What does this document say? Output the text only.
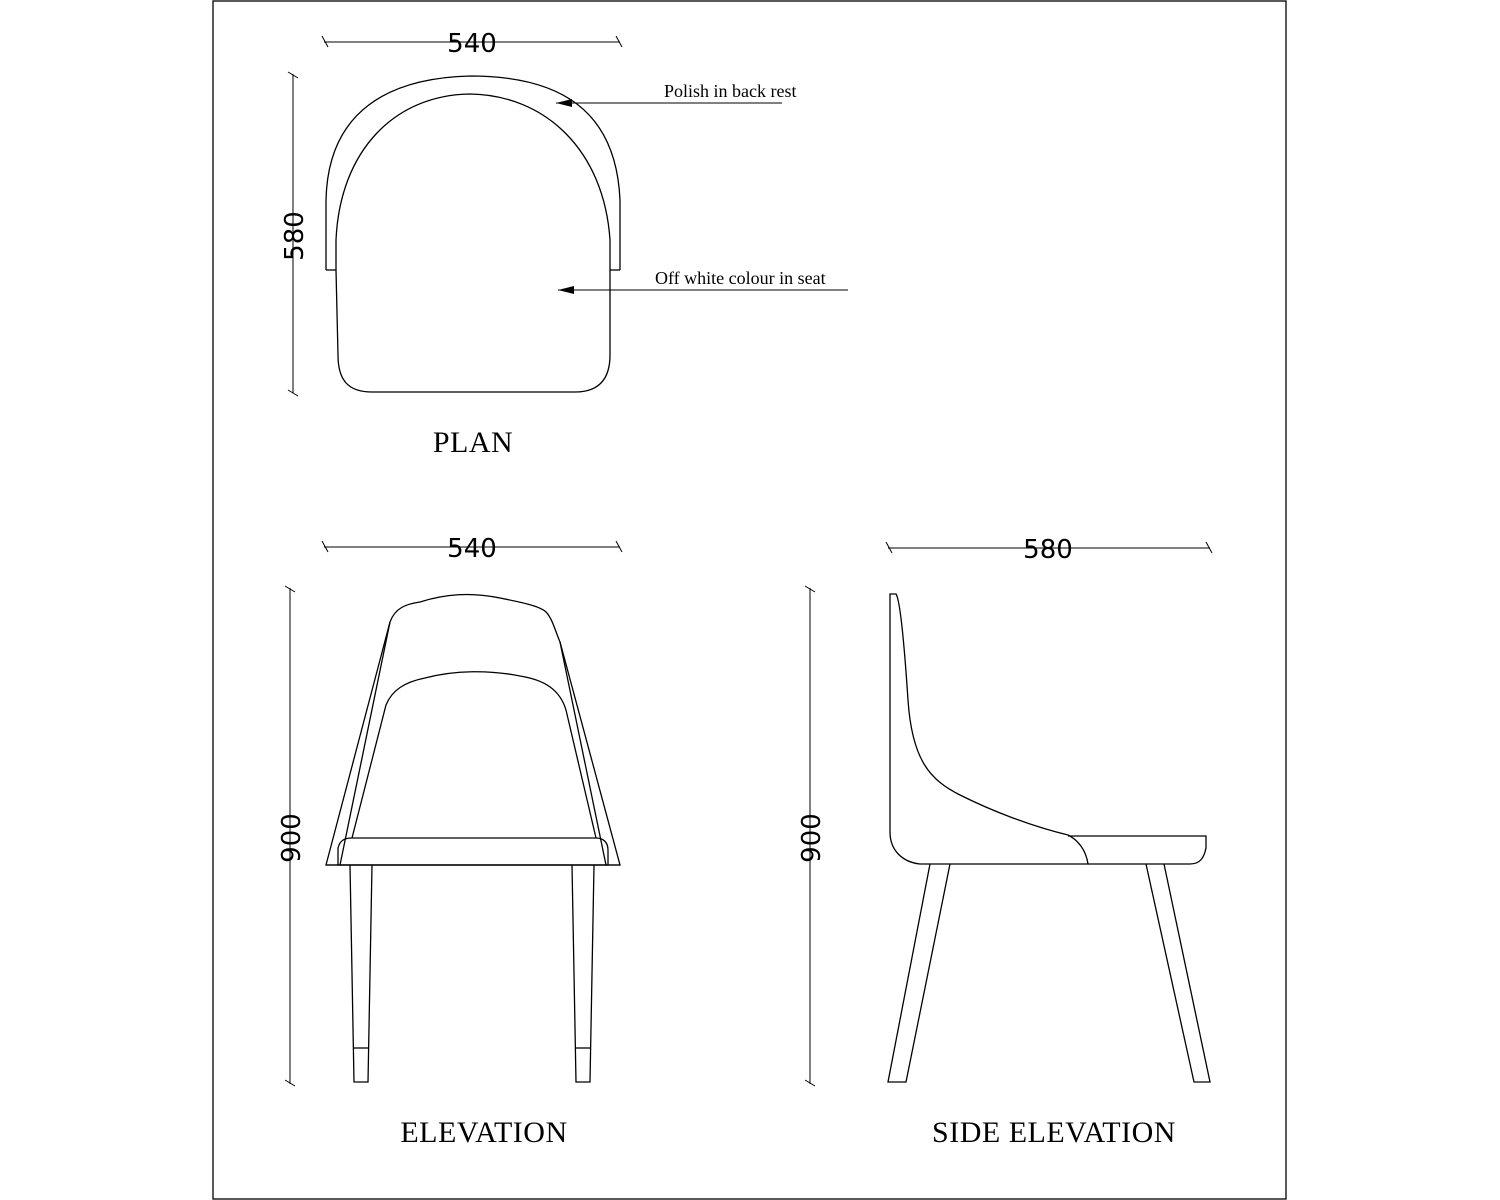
540
580
Polish in back rest
Off white colour in seat
PLAN
540
900
ELEVATION
580
900
SIDE ELEVATION
